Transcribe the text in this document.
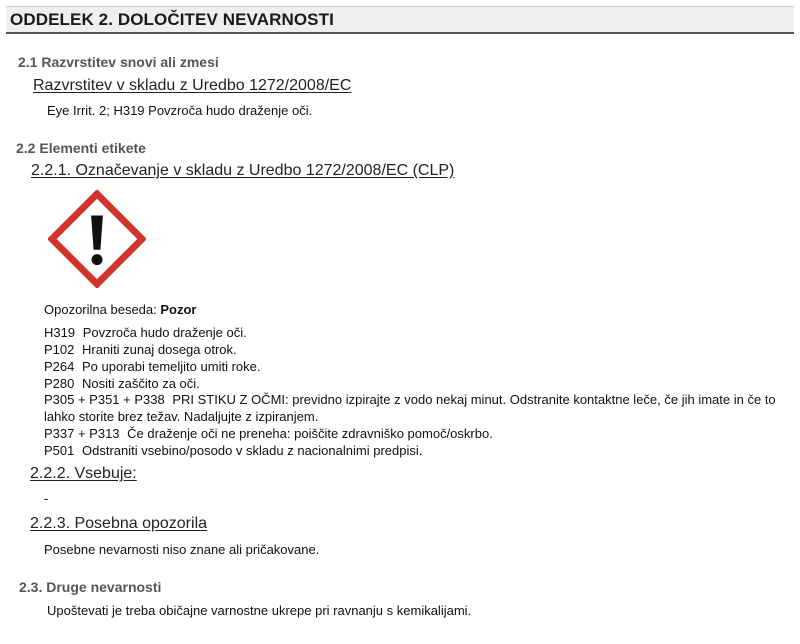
ODDELEK 2. DOLOČITEV NEVARNOSTI
2.1 Razvrstitev snovi ali zmesi
Razvrstitev v skladu z Uredbo 1272/2008/EC
Eye Irrit. 2; H319 Povzroča hudo draženje oči.
2.2 Elementi etikete
2.2.1. Označevanje v skladu z Uredbo 1272/2008/EC (CLP)
Opozorilna beseda: Pozor
H319 Povzroča hudo draženje oči.
P102 Hraniti zunaj dosega otrok.
P264 Po uporabi temeljito umiti roke.
P280 Nositi zaščito za oči.
P305 + P351 + P338 PRI STIKU Z OČMI: previdno izpirajte z vodo nekaj minut. Odstranite kontaktne leče, če jih imate in če to lahko storite brez težav. Nadaljujte z izpiranjem.
P337 + P313 Če draženje oči ne preneha: poiščite zdravniško pomoč/oskrbo.
P501 Odstraniti vsebino/posodo v skladu z nacionalnimi predpisi.
2.2.2. Vsebuje:
-
2.2.3. Posebna opozorila
Posebne nevarnosti niso znane ali pričakovane.
2.3. Druge nevarnosti
Upoštevati je treba običajne varnostne ukrepe pri ravnanju s kemikalijami.
